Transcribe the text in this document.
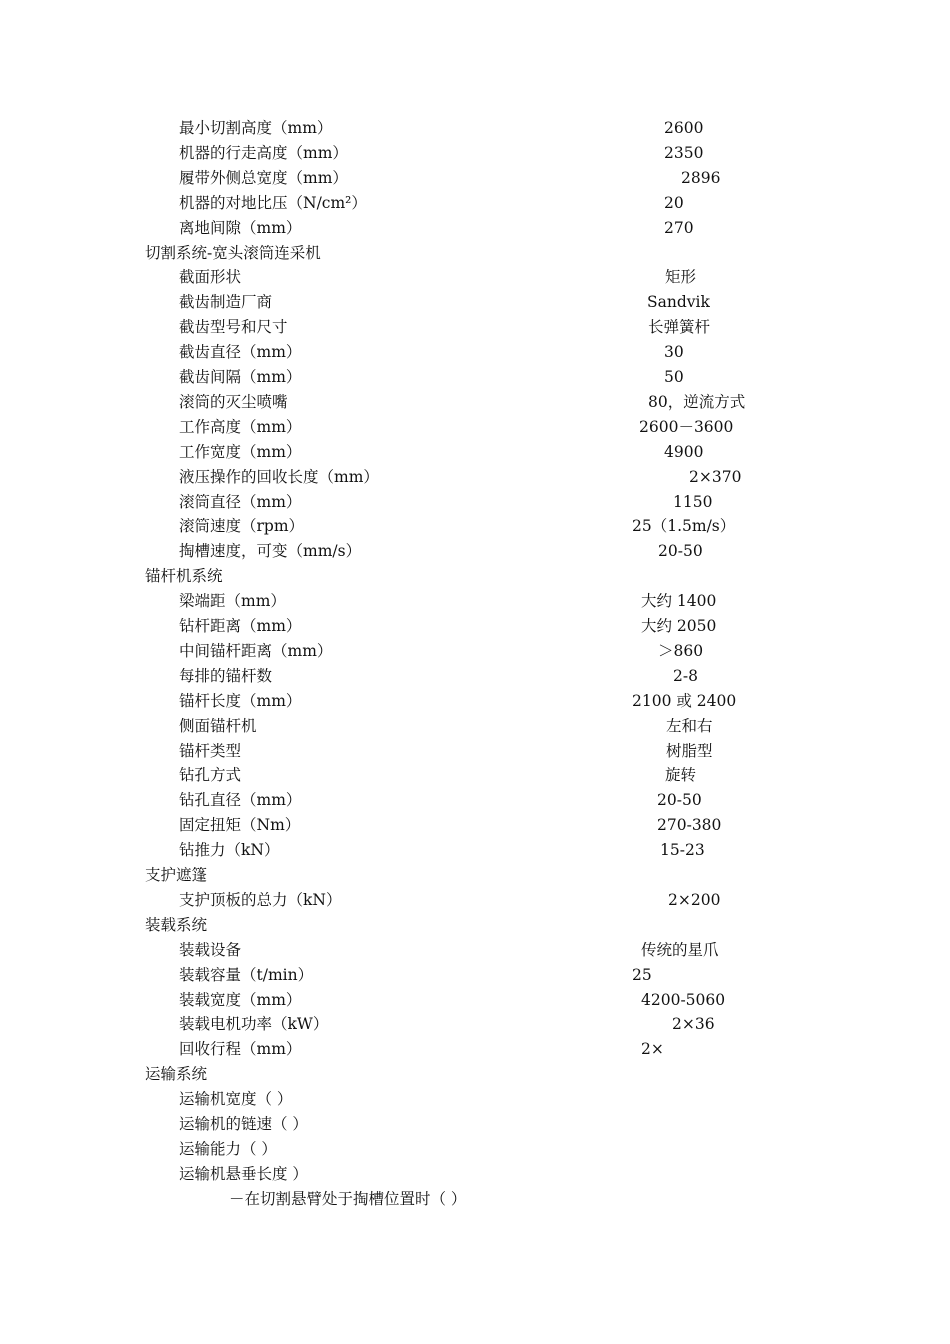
最小切割高度（mm）	2600
机器的行走高度（mm）	2350
履带外侧总宽度（mm）	2896
机器的对地比压（N/cm²）	20
离地间隙（mm）	270
切割系统-宽头滚筒连采机
截面形状	矩形
截齿制造厂商	Sandvik
截齿型号和尺寸	长弹簧杆
截齿直径（mm）	30
截齿间隔（mm）	50
滚筒的灭尘喷嘴	80，逆流方式
工作高度（mm）	2600－3600
工作宽度（mm）	4900
液压操作的回收长度（mm）	2×370
滚筒直径（mm）	1150
滚筒速度（rpm）	25（1.5m/s）
掏槽速度，可变（mm/s）	20-50
锚杆机系统
梁端距（mm）	大约 1400
钻杆距离（mm）	大约 2050
中间锚杆距离（mm）	＞860
每排的锚杆数	2-8
锚杆长度（mm）	2100 或 2400
侧面锚杆机	左和右
锚杆类型	树脂型
钻孔方式	旋转
钻孔直径（mm）	20-50
固定扭矩（Nm）	270-380
钻推力（kN）	15-23
支护遮篷
支护顶板的总力（kN）	2×200
装载系统
装载设备	传统的星爪
装载容量（t/min）	25
装载宽度（mm）	4200-5060
装载电机功率（kW）	2×36
回收行程（mm）	2×
运输系统
运输机宽度（ ）
运输机的链速（ ）
运输能力（ ）
运输机悬垂长度 ）
－在切割悬臂处于掏槽位置时（ ）
